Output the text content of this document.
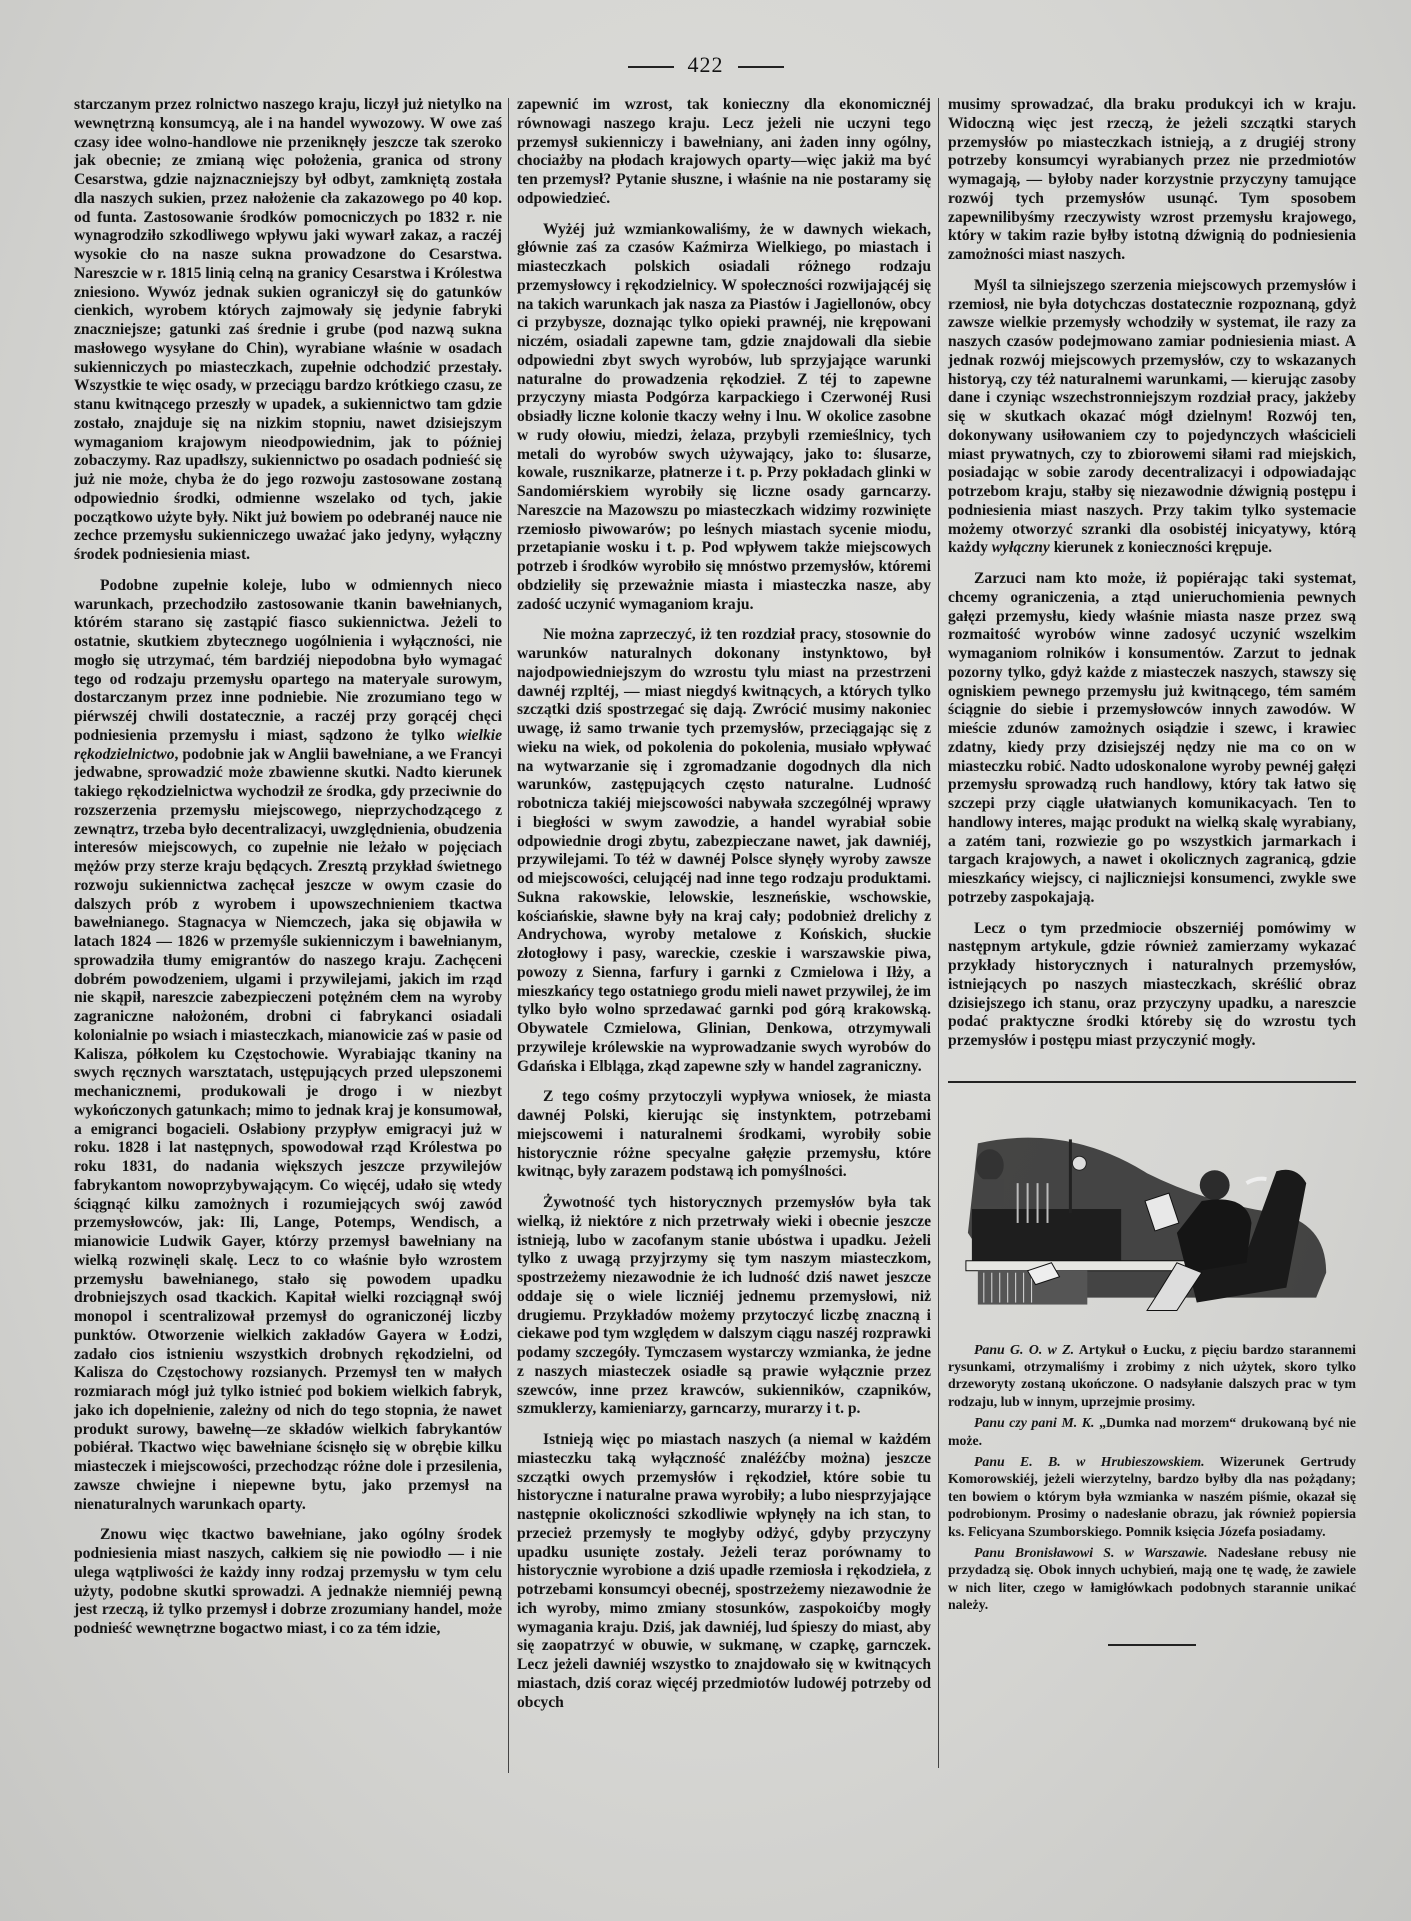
422

starczanym przez rolnictwo naszego kraju, liczył już nietylko na wewnętrzną konsumcyą, ale i na handel wywozowy. W owe zaś czasy idee wolno-handlowe nie przeniknęły jeszcze tak szeroko jak obecnie; ze zmianą więc położenia, granica od strony Cesarstwa, gdzie najznaczniejszy był odbyt, zamkniętą została dla naszych sukien, przez nałożenie cła zakazowego po 40 kop. od funta. Zastosowanie środków pomocniczych po 1832 r. nie wynagrodziło szkodliwego wpływu jaki wywarł zakaz, a raczéj wysokie cło na nasze sukna prowadzone do Cesarstwa. Nareszcie w r. 1815 linią celną na granicy Cesarstwa i Królestwa zniesiono. Wywóz jednak sukien ograniczył się do gatunków cienkich, wyrobem których zajmowały się jedynie fabryki znaczniejsze; gatunki zaś średnie i grube (pod nazwą sukna masłowego wysyłane do Chin), wyrabiane właśnie w osadach sukienniczych po miasteczkach, zupełnie odchodzić przestały. Wszystkie te więc osady, w przeciągu bardzo krótkiego czasu, ze stanu kwitnącego przeszły w upadek, a sukiennictwo tam gdzie zostało, znajduje się na nizkim stopniu, nawet dzisiejszym wymaganiom krajowym nieodpowiednim, jak to później zobaczymy. Raz upadłszy, sukiennictwo po osadach podnieść się już nie może, chyba że do jego rozwoju zastosowane zostaną odpowiednio środki, odmienne wszelako od tych, jakie początkowo użyte były. Nikt już bowiem po odebranéj nauce nie zechce przemysłu sukienniczego uważać jako jedyny, wyłączny środek podniesienia miast.

Podobne zupełnie koleje, lubo w odmiennych nieco warunkach, przechodziło zastosowanie tkanin bawełnianych, którém starano się zastąpić fiasco sukiennictwa. Jeżeli to ostatnie, skutkiem zbytecznego uogólnienia i wyłączności, nie mogło się utrzymać, tém bardziéj niepodobna było wymagać tego od rodzaju przemysłu opartego na materyale surowym, dostarczanym przez inne podniebie. Nie zrozumiano tego w piérwszéj chwili dostatecznie, a raczéj przy gorącéj chęci podniesienia przemysłu i miast, sądzono że tylko wielkie rękodzielnictwo, podobnie jak w Anglii bawełniane, a we Francyi jedwabne, sprowadzić może zbawienne skutki. Nadto kierunek takiego rękodzielnictwa wychodził ze środka, gdy przeciwnie do rozszerzenia przemysłu miejscowego, nieprzychodzącego z zewnątrz, trzeba było decentralizacyi, uwzględnienia, obudzenia interesów miejscowych, co zupełnie nie leżało w pojęciach mężów przy sterze kraju będących. Zresztą przykład świetnego rozwoju sukiennictwa zachęcał jeszcze w owym czasie do dalszych prób z wyrobem i upowszechnieniem tkactwa bawełnianego. Stagnacya w Niemczech, jaka się objawiła w latach 1824 — 1826 w przemyśle sukienniczym i bawełnianym, sprowadziła tłumy emigrantów do naszego kraju. Zachęceni dobrém powodzeniem, ulgami i przywilejami, jakich im rząd nie skąpił, nareszcie zabezpieczeni potężném cłem na wyroby zagraniczne nałożoném, drobni ci fabrykanci osiadali kolonialnie po wsiach i miasteczkach, mianowicie zaś w pasie od Kalisza, półkolem ku Częstochowie. Wyrabiając tkaniny na swych ręcznych warsztatach, ustępujących przed ulepszonemi mechanicznemi, produkowali je drogo i w niezbyt wykończonych gatunkach; mimo to jednak kraj je konsumował, a emigranci bogacieli. Osłabiony przypływ emigracyi już w roku. 1828 i lat następnych, spowodował rząd Królestwa po roku 1831, do nadania większych jeszcze przywilejów fabrykantom nowoprzybywającym. Co więcéj, udało się wtedy ściągnąć kilku zamożnych i rozumiejących swój zawód przemysłowców, jak: Ili, Lange, Potemps, Wendisch, a mianowicie Ludwik Gayer, którzy przemysł bawełniany na wielką rozwinęli skalę. Lecz to co właśnie było wzrostem przemysłu bawełnianego, stało się powodem upadku drobniejszych osad tkackich. Kapitał wielki rozciągnął swój monopol i scentralizował przemysł do ograniczonéj liczby punktów. Otworzenie wielkich zakładów Gayera w Łodzi, zadało cios istnieniu wszystkich drobnych rękodzielni, od Kalisza do Częstochowy rozsianych. Przemysł ten w małych rozmiarach mógł już tylko istnieć pod bokiem wielkich fabryk, jako ich dopełnienie, zależny od nich do tego stopnia, że nawet produkt surowy, bawełnę—ze składów wielkich fabrykantów pobiérał. Tkactwo więc bawełniane ścisnęło się w obrębie kilku miasteczek i miejscowości, przechodząc różne dole i przesilenia, zawsze chwiejne i niepewne bytu, jako przemysł na nienaturalnych warunkach oparty.

Znowu więc tkactwo bawełniane, jako ogólny środek podniesienia miast naszych, całkiem się nie powiodło — i nie ulega wątpliwości że każdy inny rodzaj przemysłu w tym celu użyty, podobne skutki sprowadzi. A jednakże niemniéj pewną jest rzeczą, iż tylko przemysł i dobrze zrozumiany handel, może podnieść wewnętrzne bogactwo miast, i co za tém idzie,

zapewnić im wzrost, tak konieczny dla ekonomicznéj równowagi naszego kraju. Lecz jeżeli nie uczyni tego przemysł sukienniczy i bawełniany, ani żaden inny ogólny, chociażby na płodach krajowych oparty—więc jakiż ma być ten przemysł? Pytanie słuszne, i właśnie na nie postaramy się odpowiedzieć.

Wyżéj już wzmiankowaliśmy, że w dawnych wiekach, głównie zaś za czasów Kaźmirza Wielkiego, po miastach i miasteczkach polskich osiadali różnego rodzaju przemysłowcy i rękodzielnicy. W społeczności rozwijającéj się na takich warunkach jak nasza za Piastów i Jagiellonów, obcy ci przybysze, doznając tylko opieki prawnéj, nie krępowani niczém, osiadali zapewne tam, gdzie znajdowali dla siebie odpowiedni zbyt swych wyrobów, lub sprzyjające warunki naturalne do prowadzenia rękodzieł. Z téj to zapewne przyczyny miasta Podgórza karpackiego i Czerwonéj Rusi obsiadły liczne kolonie tkaczy wełny i lnu. W okolice zasobne w rudy ołowiu, miedzi, żelaza, przybyli rzemieślnicy, tych metali do wyrobów swych używający, jako to: ślusarze, kowale, rusznikarze, płatnerze i t. p. Przy pokładach glinki w Sandomiérskiem wyrobiły się liczne osady garncarzy. Nareszcie na Mazowszu po miasteczkach widzimy rozwinięte rzemiosło piwowarów; po leśnych miastach sycenie miodu, przetapianie wosku i t. p. Pod wpływem także miejscowych potrzeb i środków wyrobiło się mnóstwo przemysłów, któremi obdzieliły się przeważnie miasta i miasteczka nasze, aby zadość uczynić wymaganiom kraju.

Nie można zaprzeczyć, iż ten rozdział pracy, stosownie do warunków naturalnych dokonany instynktowo, był najodpowiedniejszym do wzrostu tylu miast na przestrzeni dawnéj rzpltéj, — miast niegdyś kwitnących, a których tylko szczątki dziś spostrzegać się dają. Zwrócić musimy nakoniec uwagę, iż samo trwanie tych przemysłów, przeciągając się z wieku na wiek, od pokolenia do pokolenia, musiało wpływać na wytwarzanie się i zgromadzanie dogodnych dla nich warunków, zastępujących często naturalne. Ludność robotnicza takiéj miejscowości nabywała szczególnéj wprawy i biegłości w swym zawodzie, a handel wyrabiał sobie odpowiednie drogi zbytu, zabezpieczane nawet, jak dawniéj, przywilejami. To téż w dawnéj Polsce słynęły wyroby zawsze od miejscowości, celującéj nad inne tego rodzaju produktami. Sukna rakowskie, lelowskie, leszneńskie, wschowskie, kościańskie, sławne były na kraj cały; podobnież drelichy z Andrychowa, wyroby metalowe z Końskich, słuckie złotogłowy i pasy, wareckie, czeskie i warszawskie piwa, powozy z Sienna, farfury i garnki z Czmielowa i Iłży, a mieszkańcy tego ostatniego grodu mieli nawet przywilej, że im tylko było wolno sprzedawać garnki pod górą krakowską. Obywatele Czmielowa, Glinian, Denkowa, otrzymywali przywileje królewskie na wyprowadzanie swych wyrobów do Gdańska i Elbląga, zkąd zapewne szły w handel zagraniczny.

Z tego cośmy przytoczyli wypływa wniosek, że miasta dawnéj Polski, kierując się instynktem, potrzebami miejscowemi i naturalnemi środkami, wyrobiły sobie historycznie różne specyalne gałęzie przemysłu, które kwitnąc, były zarazem podstawą ich pomyślności.

Żywotność tych historycznych przemysłów była tak wielką, iż niektóre z nich przetrwały wieki i obecnie jeszcze istnieją, lubo w zacofanym stanie ubóstwa i upadku. Jeżeli tylko z uwagą przyjrzymy się tym naszym miasteczkom, spostrzeżemy niezawodnie że ich ludność dziś nawet jeszcze oddaje się o wiele liczniéj jednemu przemysłowi, niż drugiemu. Przykładów możemy przytoczyć liczbę znaczną i ciekawe pod tym względem w dalszym ciągu naszéj rozprawki podamy szczegóły. Tymczasem wystarczy wzmianka, że jedne z naszych miasteczek osiadłe są prawie wyłącznie przez szewców, inne przez krawców, sukienników, czapników, szmuklerzy, kamieniarzy, garncarzy, murarzy i t. p.

Istnieją więc po miastach naszych (a niemal w każdém miasteczku taką wyłączność znaléźćby można) jeszcze szczątki owych przemysłów i rękodzieł, które sobie tu historyczne i naturalne prawa wyrobiły; a lubo niesprzyjające następnie okoliczności szkodliwie wpłynęły na ich stan, to przecież przemysły te mogłyby odżyć, gdyby przyczyny upadku usunięte zostały. Jeżeli teraz porównamy to historycznie wyrobione a dziś upadłe rzemiosła i rękodzieła, z potrzebami konsumcyi obecnéj, spostrzeżemy niezawodnie że ich wyroby, mimo zmiany stosunków, zaspokoićby mogły wymagania kraju. Dziś, jak dawniéj, lud śpieszy do miast, aby się zaopatrzyć w obuwie, w sukmanę, w czapkę, garnczek. Lecz jeżeli dawniéj wszystko to znajdowało się w kwitnących miastach, dziś coraz więcéj przedmiotów ludowéj potrzeby od obcych

musimy sprowadzać, dla braku produkcyi ich w kraju. Widoczną więc jest rzeczą, że jeżeli szczątki starych przemysłów po miasteczkach istnieją, a z drugiéj strony potrzeby konsumcyi wyrabianych przez nie przedmiotów wymagają, — byłoby nader korzystnie przyczyny tamujące rozwój tych przemysłów usunąć. Tym sposobem zapewnilibyśmy rzeczywisty wzrost przemysłu krajowego, który w takim razie byłby istotną dźwignią do podniesienia zamożności miast naszych.

Myśl ta silniejszego szerzenia miejscowych przemysłów i rzemiosł, nie była dotychczas dostatecznie rozpoznaną, gdyż zawsze wielkie przemysły wchodziły w systemat, ile razy za naszych czasów podejmowano zamiar podniesienia miast. A jednak rozwój miejscowych przemysłów, czy to wskazanych historyą, czy téż naturalnemi warunkami, — kierując zasoby dane i czyniąc wszechstronniejszym rozdział pracy, jakżeby się w skutkach okazać mógł dzielnym! Rozwój ten, dokonywany usiłowaniem czy to pojedynczych właścicieli miast prywatnych, czy to zbiorowemi siłami rad miejskich, posiadając w sobie zarody decentralizacyi i odpowiadając potrzebom kraju, stałby się niezawodnie dźwignią postępu i podniesienia miast naszych. Przy takim tylko systemacie możemy otworzyć szranki dla osobistéj inicyatywy, którą każdy wyłączny kierunek z konieczności krępuje.

Zarzuci nam kto może, iż popiérając taki systemat, chcemy ograniczenia, a ztąd unieruchomienia pewnych gałęzi przemysłu, kiedy właśnie miasta nasze przez swą rozmaitość wyrobów winne zadosyć uczynić wszelkim wymaganiom rolników i konsumentów. Zarzut to jednak pozorny tylko, gdyż każde z miasteczek naszych, stawszy się ogniskiem pewnego przemysłu już kwitnącego, tém samém ściągnie do siebie i przemysłowców innych zawodów. W mieście zdunów zamożnych osiądzie i szewc, i krawiec zdatny, kiedy przy dzisiejszéj nędzy nie ma co on w miasteczku robić. Nadto udoskonalone wyroby pewnéj gałęzi przemysłu sprowadzą ruch handlowy, który tak łatwo się szczepi przy ciągle ułatwianych komunikacyach. Ten to handlowy interes, mając produkt na wielką skalę wyrabiany, a zatém tani, rozwiezie go po wszystkich jarmarkach i targach krajowych, a nawet i okolicznych zagranicą, gdzie mieszkańcy wiejscy, ci najliczniejsi konsumenci, zwykle swe potrzeby zaspokajają.

Lecz o tym przedmiocie obszerniéj pomówimy w następnym artykule, gdzie również zamierzamy wykazać przykłady historycznych i naturalnych przemysłów, istniejących po naszych miasteczkach, skréślić obraz dzisiejszego ich stanu, oraz przyczyny upadku, a nareszcie podać praktyczne środki któreby się do wzrostu tych przemysłów i postępu miast przyczynić mogły.

Panu G. O. w Z. Artykuł o Łucku, z pięciu bardzo starannemi rysunkami, otrzymaliśmy i zrobimy z nich użytek, skoro tylko drzeworyty zostaną ukończone. O nadsyłanie dalszych prac w tym rodzaju, lub w innym, uprzejmie prosimy.

Panu czy pani M. K. „Dumka nad morzem“ drukowaną być nie może.

Panu E. B. w Hrubieszowskiem. Wizerunek Gertrudy Komorowskiéj, jeżeli wierzytelny, bardzo byłby dla nas pożądany; ten bowiem o którym była wzmianka w naszém piśmie, okazał się podrobionym. Prosimy o nadesłanie obrazu, jak również popiersia ks. Felicyana Szumborskiego. Pomnik księcia Józefa posiadamy.

Panu Bronisławowi S. w Warszawie. Nadesłane rebusy nie przydadzą się. Obok innych uchybień, mają one tę wadę, że zawiele w nich liter, czego w łamigłówkach podobnych starannie unikać należy.
